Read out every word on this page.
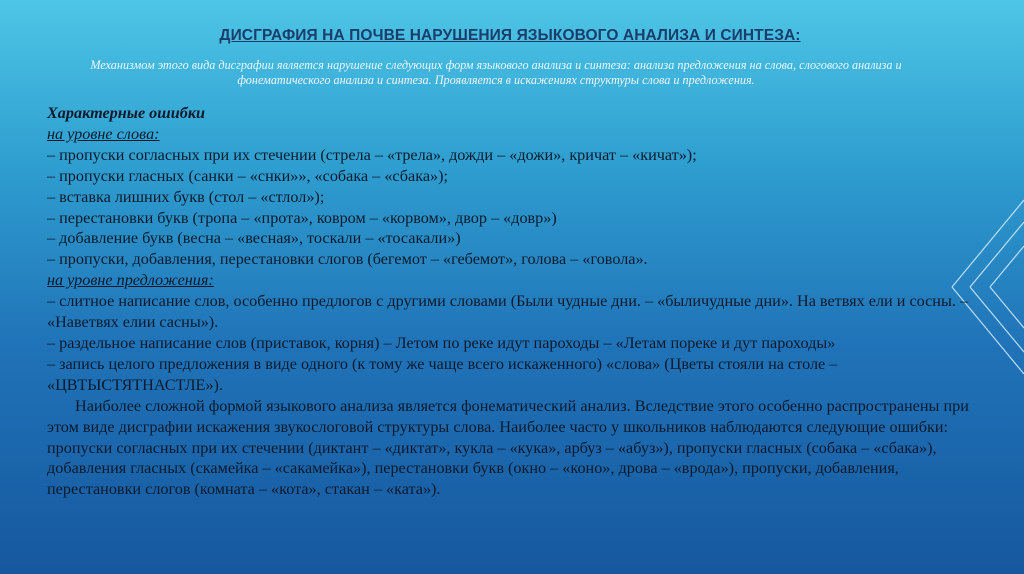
ДИСГРАФИЯ НА ПОЧВЕ НАРУШЕНИЯ ЯЗЫКОВОГО АНАЛИЗА И СИНТЕЗА:
Механизмом этого вида дисграфии является нарушение следующих форм языкового анализа и синтеза: анализа предложения на слова, слогового анализа и фонематического анализа и синтеза. Проявляется в искажениях структуры слова и предложения.
Характерные ошибки
на уровне слова:
– пропуски согласных при их стечении (стрела – «трела», дожди – «дожи», кричат – «кичат»);
– пропуски гласных (санки – «снки»», «собака – «сбака»);
– вставка лишних букв (стол – «стлол»);
– перестановки букв (тропа – «прота», ковром – «корвом», двор – «довр»)
– добавление букв (весна – «весная», тоскали – «тосакали»)
– пропуски, добавления, перестановки слогов (бегемот – «гебемот», голова – «говола».
на уровне предложения:
– слитное написание слов, особенно предлогов с другими словами (Были чудные дни. – «быличудные дни». На ветвях ели и сосны. – «Наветвях елии сасны»).
– раздельное написание слов (приставок, корня) – Летом по реке идут пароходы – «Летам пореке и дут пароходы»
– запись целого предложения в виде одного (к тому же чаще всего искаженного) «слова» (Цветы стояли на столе – «ЦВТЫСТЯТНАСТЛЕ»).
Наиболее сложной формой языкового анализа является фонематический анализ. Вследствие этого особенно распространены при этом виде дисграфии искажения звукослоговой структуры слова. Наиболее часто у школьников наблюдаются следующие ошибки: пропуски согласных при их стечении (диктант – «диктат», кукла – «кука», арбуз – «абуз»), пропуски гласных (собака – «сбака»), добавления гласных (скамейка – «сакамейка»), перестановки букв (окно – «коно», дрова – «врода»), пропуски, добавления, перестановки слогов (комната – «кота», стакан – «ката»).
